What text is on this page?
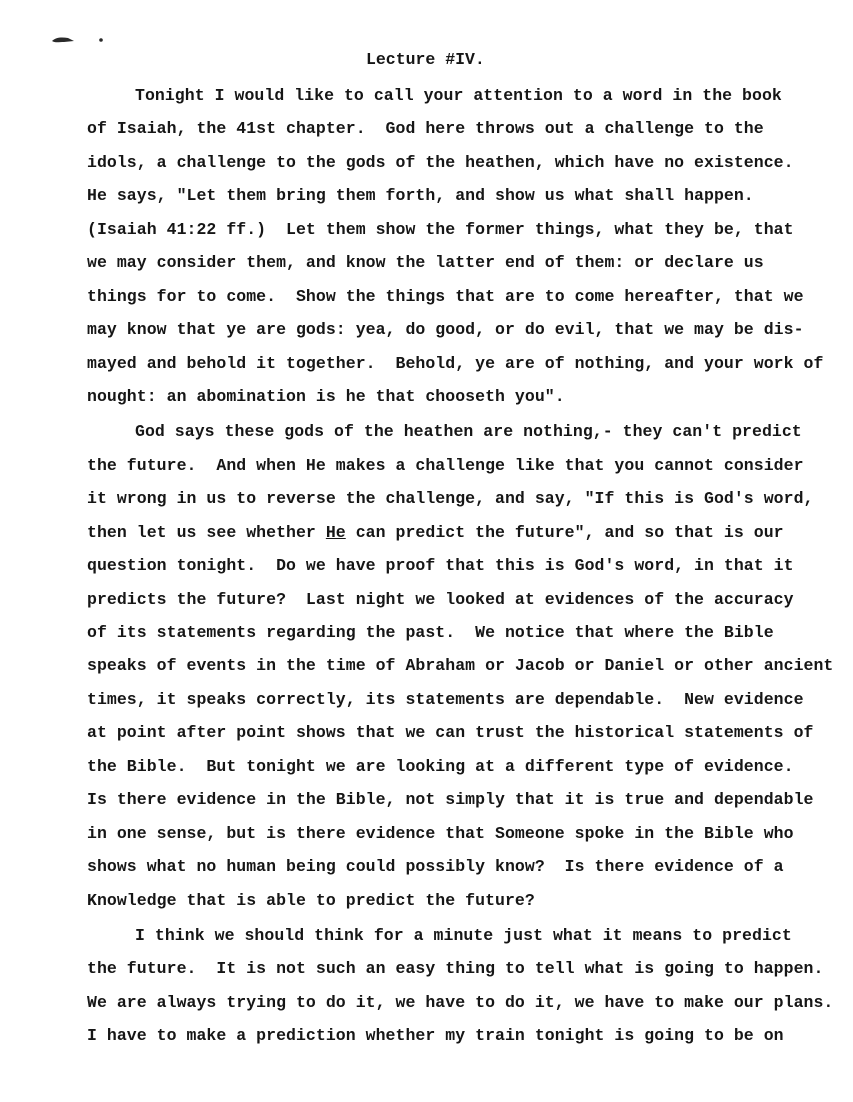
Lecture #IV.
Tonight I would like to call your attention to a word in the book
of Isaiah, the 41st chapter.  God here throws out a challenge to the
idols, a challenge to the gods of the heathen, which have no existence.
He says, "Let them bring them forth, and show us what shall happen.
(Isaiah 41:22 ff.)  Let them show the former things, what they be, that
we may consider them, and know the latter end of them: or declare us
things for to come.  Show the things that are to come hereafter, that we
may know that ye are gods: yea, do good, or do evil, that we may be dis-
mayed and behold it together.  Behold, ye are of nothing, and your work of
nought: an abomination is he that chooseth you".
God says these gods of the heathen are nothing,- they can't predict
the future.  And when He makes a challenge like that you cannot consider
it wrong in us to reverse the challenge, and say, "If this is God's word,
then let us see whether He can predict the future", and so that is our
question tonight.  Do we have proof that this is God's word, in that it
predicts the future?  Last night we looked at evidences of the accuracy
of its statements regarding the past.  We notice that where the Bible
speaks of events in the time of Abraham or Jacob or Daniel or other ancient
times, it speaks correctly, its statements are dependable.  New evidence
at point after point shows that we can trust the historical statements of
the Bible.  But tonight we are looking at a different type of evidence.
Is there evidence in the Bible, not simply that it is true and dependable
in one sense, but is there evidence that Someone spoke in the Bible who
shows what no human being could possibly know?  Is there evidence of a
Knowledge that is able to predict the future?
I think we should think for a minute just what it means to predict
the future.  It is not such an easy thing to tell what is going to happen.
We are always trying to do it, we have to do it, we have to make our plans.
I have to make a prediction whether my train tonight is going to be on
